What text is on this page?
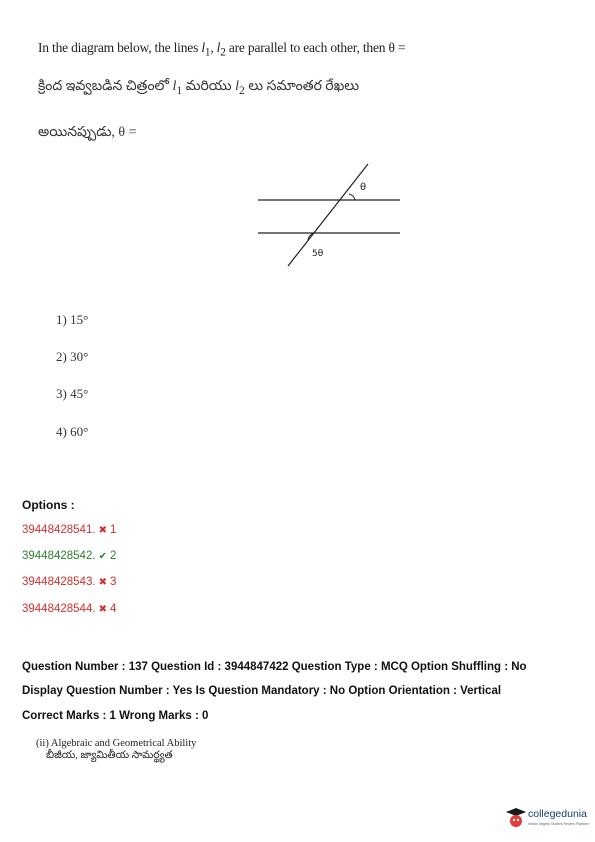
In the diagram below, the lines $l_1$, $l_2$ are parallel to each other, then θ =
క్రింద ఇవ్వబడిన చిత్రంలో $l_1$ మరియు $l_2$ లు సమాంతర రేఖలు
అయినప్పుడు, θ =
θ
5θ
1) 15°
2) 30°
3) 45°
4) 60°
Options :
39448428541. ✖ 1
39448428542. ✔ 2
39448428543. ✖ 3
39448428544. ✖ 4
Question Number : 137 Question Id : 3944847422 Question Type : MCQ Option Shuffling : No
Display Question Number : Yes Is Question Mandatory : No Option Orientation : Vertical
Correct Marks : 1 Wrong Marks : 0
(ii) Algebraic and Geometrical Ability
బీజీయ, జ్యామితీయ సామర్థ్యత
collegedunia
India's largest Student Review Platform
